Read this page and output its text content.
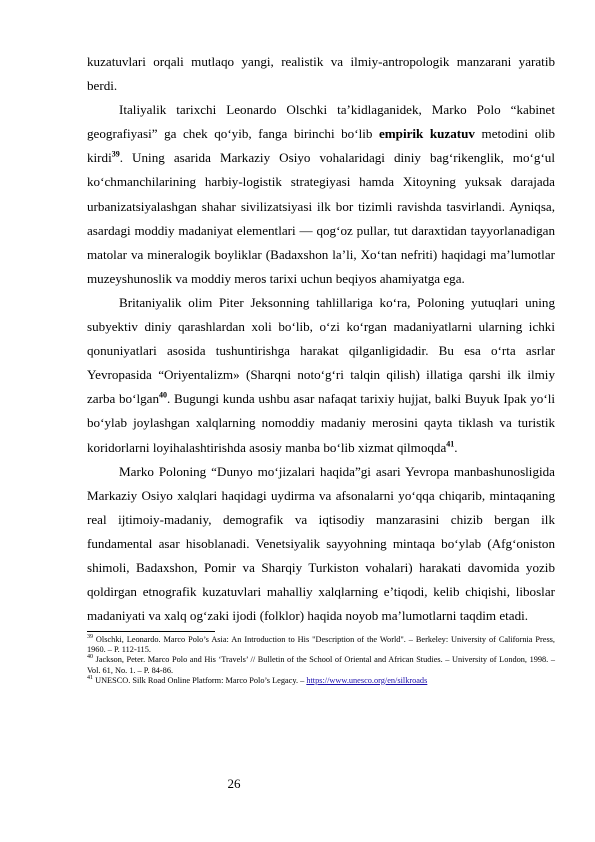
kuzatuvlari orqali mutlaqo yangi, realistik va ilmiy-antropologik manzarani yaratib berdi.

Italiyalik tarixchi Leonardo Olschki ta’kidlaganidek, Marko Polo “kabinet geografiyasi” ga chek qo‘yib, fanga birinchi bo‘lib empirik kuzatuv metodini olib kirdi$^{39}$. Uning asarida Markaziy Osiyo vohalaridagi diniy bag‘rikenglik, mo‘g‘ul ko‘chmanchilarining harbiy-logistik strategiyasi hamda Xitoyning yuksak darajada urbanizatsiyalashgan shahar sivilizatsiyasi ilk bor tizimli ravishda tasvirlandi. Ayniqsa, asardagi moddiy madaniyat elementlari — qog‘oz pullar, tut daraxtidan tayyorlanadigan matolar va mineralogik boyliklar (Badaxshon la’li, Xo‘tan nefriti) haqidagi ma’lumotlar muzeyshunoslik va moddiy meros tarixi uchun beqiyos ahamiyatga ega.

Britaniyalik olim Piter Jeksonning tahlillariga ko‘ra, Poloning yutuqlari uning subyektiv diniy qarashlardan xoli bo‘lib, o‘zi ko‘rgan madaniyatlarni ularning ichki qonuniyatlari asosida tushuntirishga harakat qilganligidadir. Bu esa o‘rta asrlar Yevropasida “Oriyentalizm» (Sharqni noto‘g‘ri talqin qilish) illatiga qarshi ilk ilmiy zarba bo‘lgan$^{40}$. Bugungi kunda ushbu asar nafaqat tarixiy hujjat, balki Buyuk Ipak yo‘li bo‘ylab joylashgan xalqlarning nomoddiy madaniy merosini qayta tiklash va turistik koridorlarni loyihalashtirishda asosiy manba bo‘lib xizmat qilmoqda$^{41}$.

Marko Poloning “Dunyo mo‘jizalari haqida”gi asari Yevropa manbashunosligida Markaziy Osiyo xalqlari haqidagi uydirma va afsonalarni yo‘qqa chiqarib, mintaqaning real ijtimoiy-madaniy, demografik va iqtisodiy manzarasini chizib bergan ilk fundamental asar hisoblanadi. Venetsiyalik sayyohning mintaqa bo‘ylab (Afg‘oniston shimoli, Badaxshon, Pomir va Sharqiy Turkiston vohalari) harakati davomida yozib qoldirgan etnografik kuzatuvlari mahalliy xalqlarning e’tiqodi, kelib chiqishi, liboslar madaniyati va xalq og‘zaki ijodi (folklor) haqida noyob ma’lumotlarni taqdim etadi.

$^{39}$ Olschki, Leonardo. Marco Polo’s Asia: An Introduction to His "Description of the World". – Berkeley: University of California Press, 1960. – P. 112-115.

$^{40}$ Jackson, Peter. Marco Polo and His ‘Travels’ // Bulletin of the School of Oriental and African Studies. – University of London, 1998. – Vol. 61, No. 1. – P. 84-86.

$^{41}$ UNESCO. Silk Road Online Platform: Marco Polo’s Legacy. – https://www.unesco.org/en/silkroads

26
